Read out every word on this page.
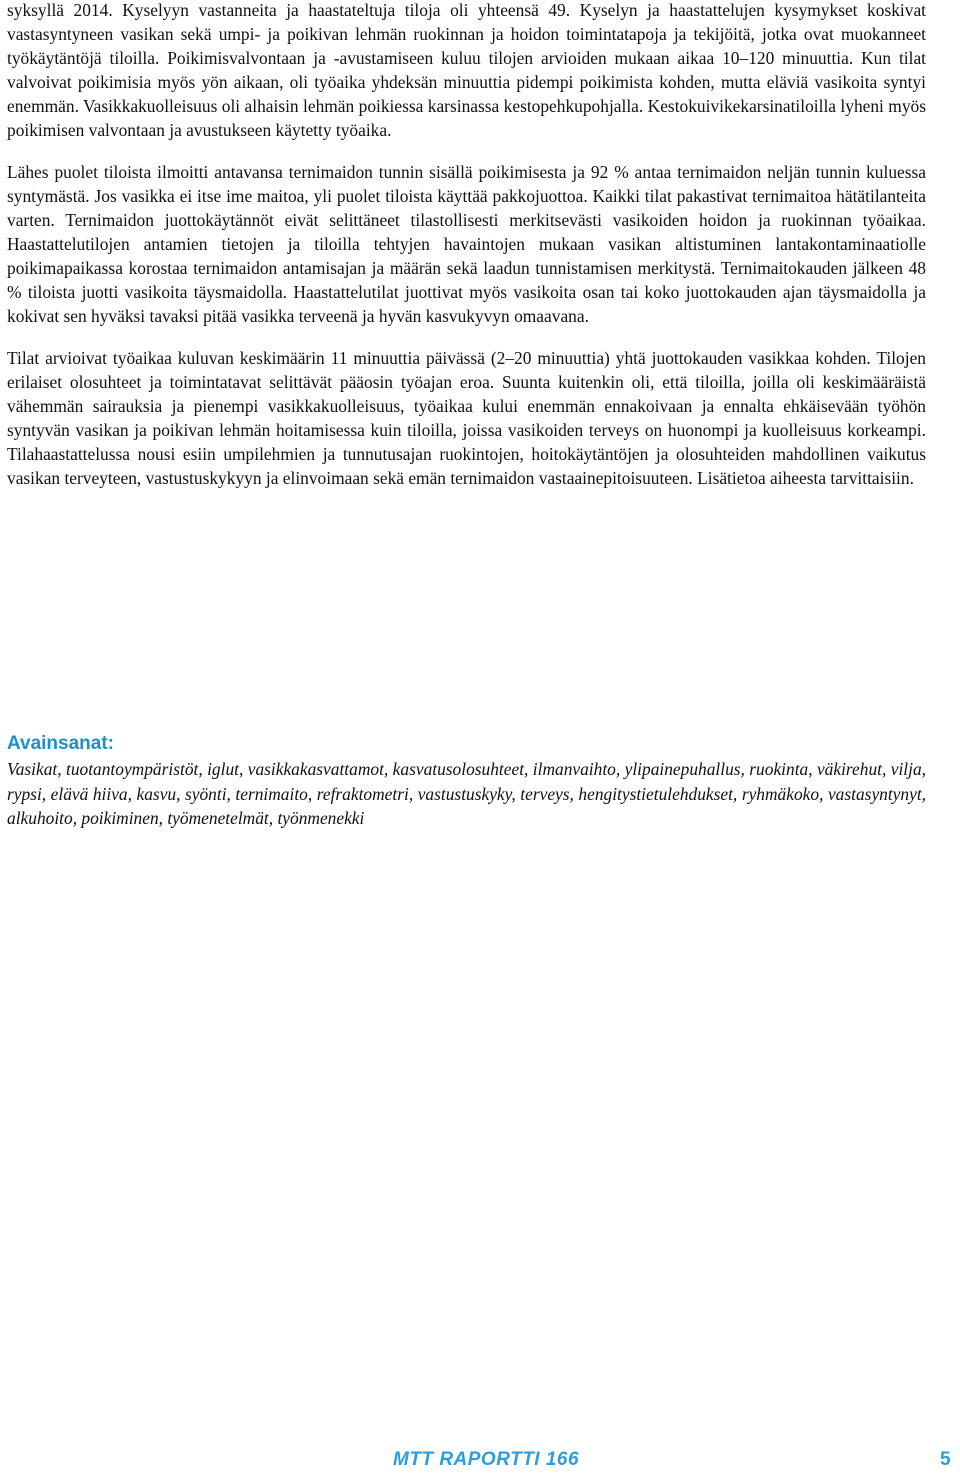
syksyllä 2014. Kyselyyn vastanneita ja haastateltuja tiloja oli yhteensä 49. Kyselyn ja haastattelujen kysymykset koskivat vastasyntyneen vasikan sekä umpi- ja poikivan lehmän ruokinnan ja hoidon toimintatapoja ja tekijöitä, jotka ovat muokanneet työkäytäntöjä tiloilla. Poikimisvalvontaan ja -avustamiseen kuluu tilojen arvioiden mukaan aikaa 10–120 minuuttia. Kun tilat valvoivat poikimisia myös yön aikaan, oli työaika yhdeksän minuuttia pidempi poikimista kohden, mutta eläviä vasikoita syntyi enemmän. Vasikkakuolleisuus oli alhaisin lehmän poikiessa karsinassa kestopehkupohjalla. Kestokuivikekarsinatiloilla lyheni myös poikimisen valvontaan ja avustukseen käytetty työaika.

Lähes puolet tiloista ilmoitti antavansa ternimaidon tunnin sisällä poikimisesta ja 92 % antaa ternimaidon neljän tunnin kuluessa syntymästä. Jos vasikka ei itse ime maitoa, yli puolet tiloista käyttää pakkojuottoa. Kaikki tilat pakastivat ternimaitoa hätätilanteita varten. Ternimaidon juottokäytännöt eivät selittäneet tilastollisesti merkitsevästi vasikoiden hoidon ja ruokinnan työaikaa. Haastattelutilojen antamien tietojen ja tiloilla tehtyjen havaintojen mukaan vasikan altistuminen lantakontaminaatiolle poikimapaikassa korostaa ternimaidon antamisajan ja määrän sekä laadun tunnistamisen merkitystä. Ternimaitokauden jälkeen 48 % tiloista juotti vasikoita täysmaidolla. Haastattelutilat juottivat myös vasikoita osan tai koko juottokauden ajan täysmaidolla ja kokivat sen hyväksi tavaksi pitää vasikka terveenä ja hyvän kasvukyvyn omaavana.

Tilat arvioivat työaikaa kuluvan keskimäärin 11 minuuttia päivässä (2–20 minuuttia) yhtä juottokauden vasikkaa kohden. Tilojen erilaiset olosuhteet ja toimintatavat selittävät pääosin työajan eroa. Suunta kuitenkin oli, että tiloilla, joilla oli keskimääräistä vähemmän sairauksia ja pienempi vasikkakuolleisuus, työaikaa kului enemmän ennakoivaan ja ennalta ehkäisevään työhön syntyvän vasikan ja poikivan lehmän hoitamisessa kuin tiloilla, joissa vasikoiden terveys on huonompi ja kuolleisuus korkeampi. Tilahaastattelussa nousi esiin umpilehmien ja tunnutusajan ruokintojen, hoitokäytäntöjen ja olosuhteiden mahdollinen vaikutus vasikan terveyteen, vastustuskykyyn ja elinvoimaan sekä emän ternimaidon vastaainepitoisuuteen. Lisätietoa aiheesta tarvittaisiin.

Avainsanat:

Vasikat, tuotantoympäristöt, iglut, vasikkakasvattamot, kasvatusolosuhteet, ilmanvaihto, ylipainepuhallus, ruokinta, väkirehut, vilja, rypsi, elävä hiiva, kasvu, syönti, ternimaito, refraktometri, vastustuskyky, terveys, hengitystietulehdukset, ryhmäkoko, vastasyntynyt, alkuhoito, poikiminen, työmenetelmät, työnmenekki

MTT RAPORTTI 166	5
